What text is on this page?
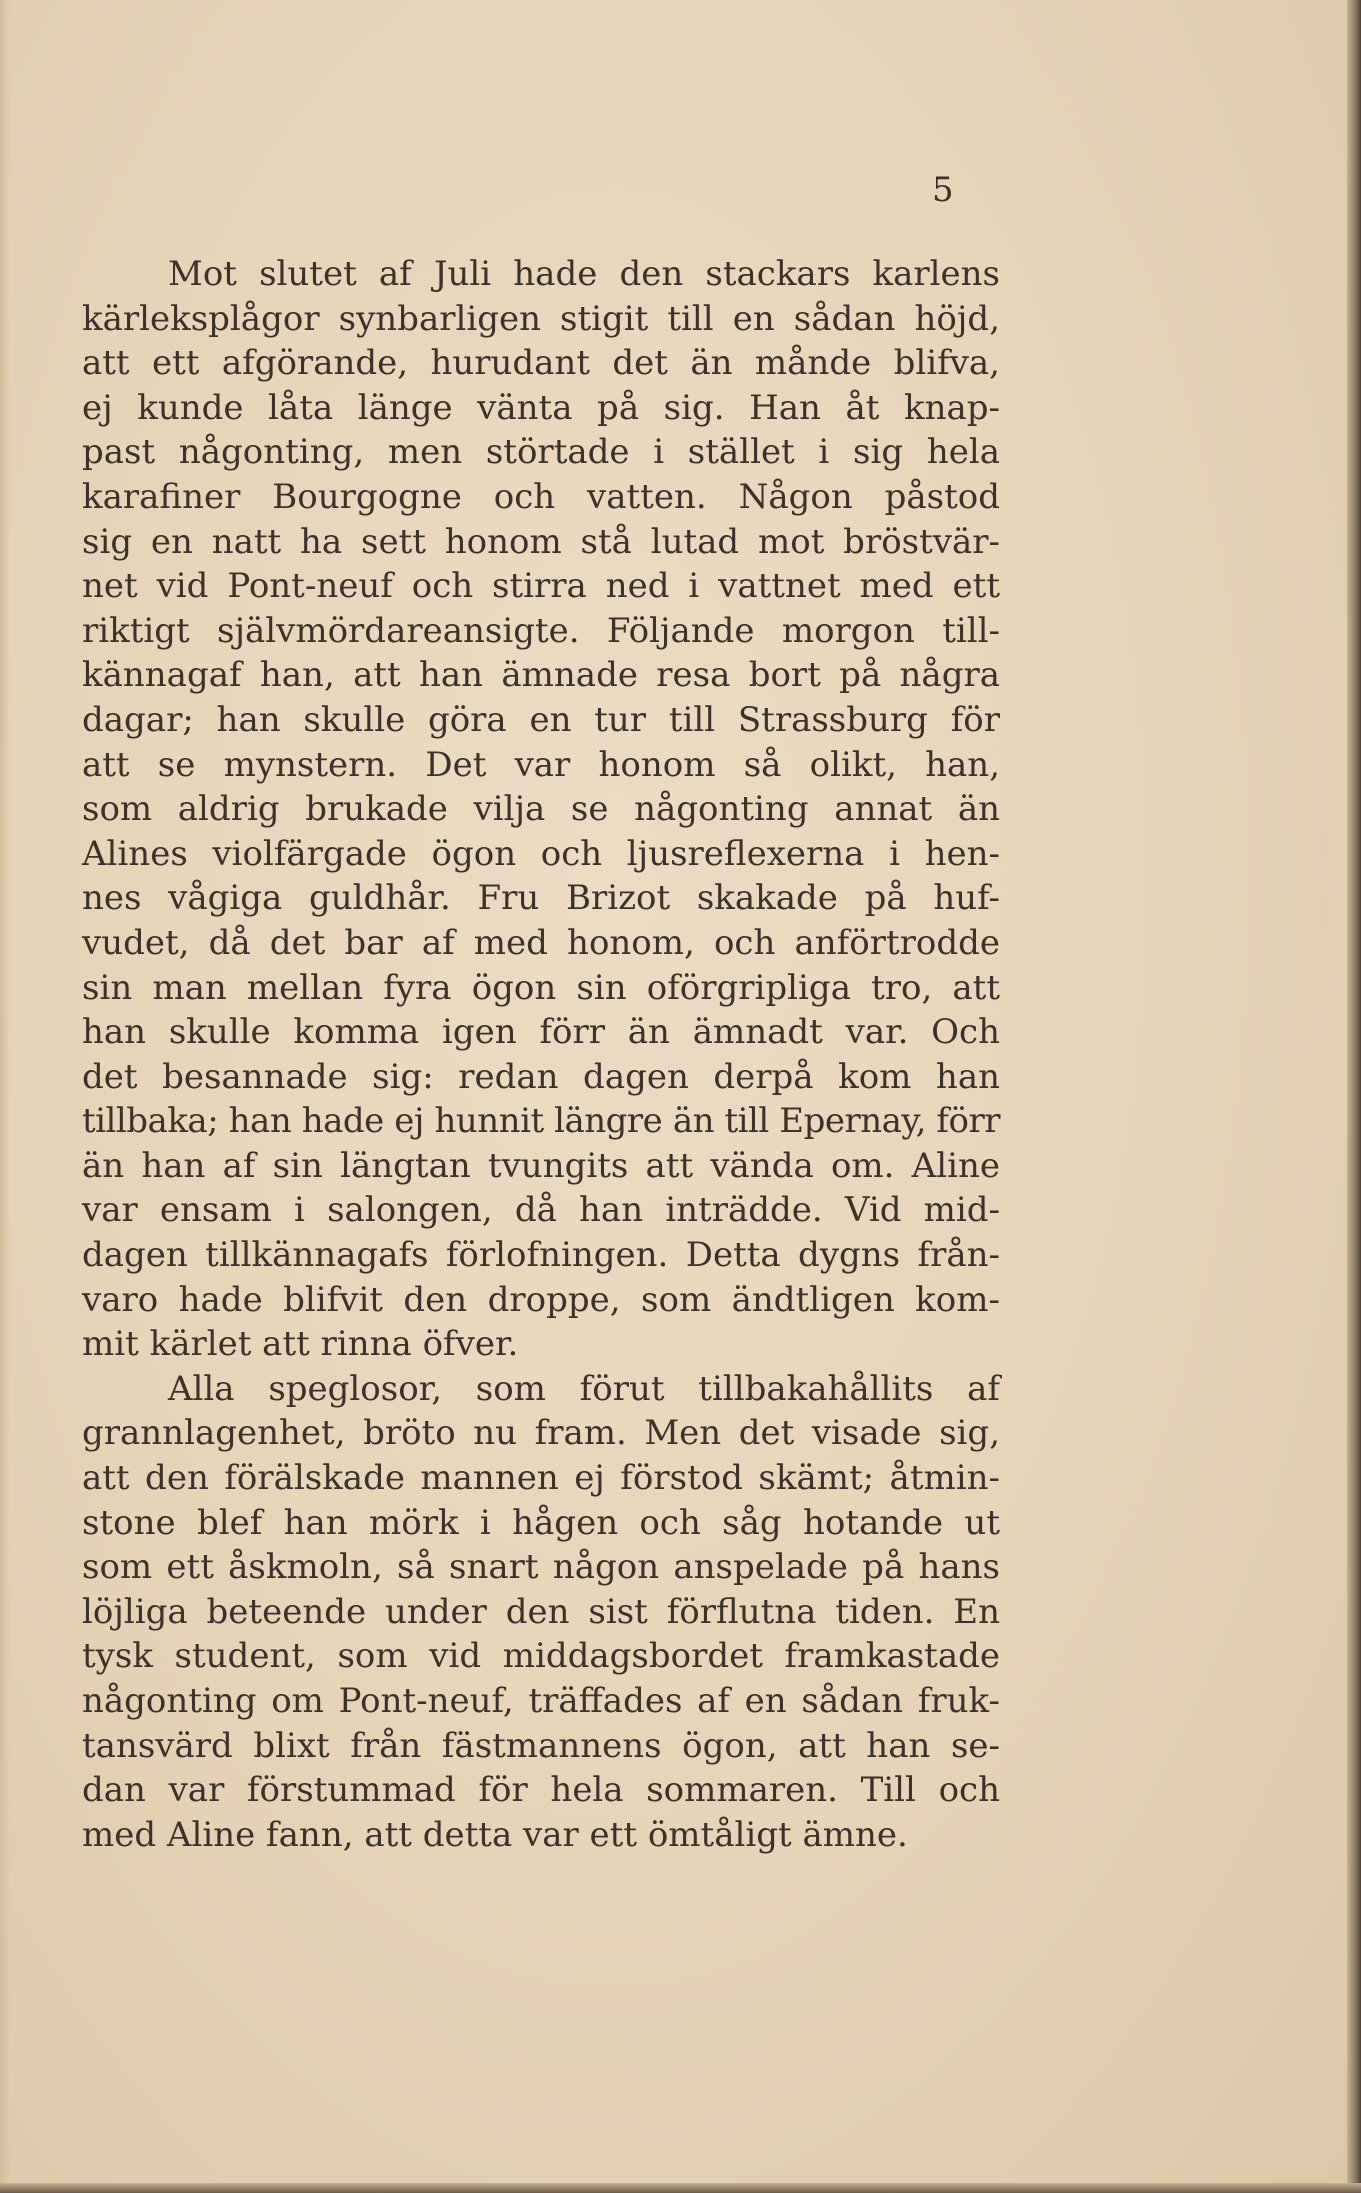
5
Mot slutet af Juli hade den stackars karlens
kärleksplågor synbarligen stigit till en sådan höjd,
att ett afgörande, hurudant det än månde blifva,
ej kunde låta länge vänta på sig. Han åt knap-
past någonting, men störtade i stället i sig hela
karafiner Bourgogne och vatten. Någon påstod
sig en natt ha sett honom stå lutad mot bröstvär-
net vid Pont-neuf och stirra ned i vattnet med ett
riktigt självmördareansigte. Följande morgon till-
kännagaf han, att han ämnade resa bort på några
dagar; han skulle göra en tur till Strassburg för
att se mynstern. Det var honom så olikt, han,
som aldrig brukade vilja se någonting annat än
Alines violfärgade ögon och ljusreflexerna i hen-
nes vågiga guldhår. Fru Brizot skakade på huf-
vudet, då det bar af med honom, och anförtrodde
sin man mellan fyra ögon sin oförgripliga tro, att
han skulle komma igen förr än ämnadt var. Och
det besannade sig: redan dagen derpå kom han
tillbaka; han hade ej hunnit längre än till Epernay, förr
än han af sin längtan tvungits att vända om. Aline
var ensam i salongen, då han inträdde. Vid mid-
dagen tillkännagafs förlofningen. Detta dygns från-
varo hade blifvit den droppe, som ändtligen kom-
mit kärlet att rinna öfver.
Alla speglosor, som förut tillbakahållits af
grannlagenhet, bröto nu fram. Men det visade sig,
att den förälskade mannen ej förstod skämt; åtmin-
stone blef han mörk i hågen och såg hotande ut
som ett åskmoln, så snart någon anspelade på hans
löjliga beteende under den sist förflutna tiden. En
tysk student, som vid middagsbordet framkastade
någonting om Pont-neuf, träffades af en sådan fruk-
tansvärd blixt från fästmannens ögon, att han se-
dan var förstummad för hela sommaren. Till och
med Aline fann, att detta var ett ömtåligt ämne.
